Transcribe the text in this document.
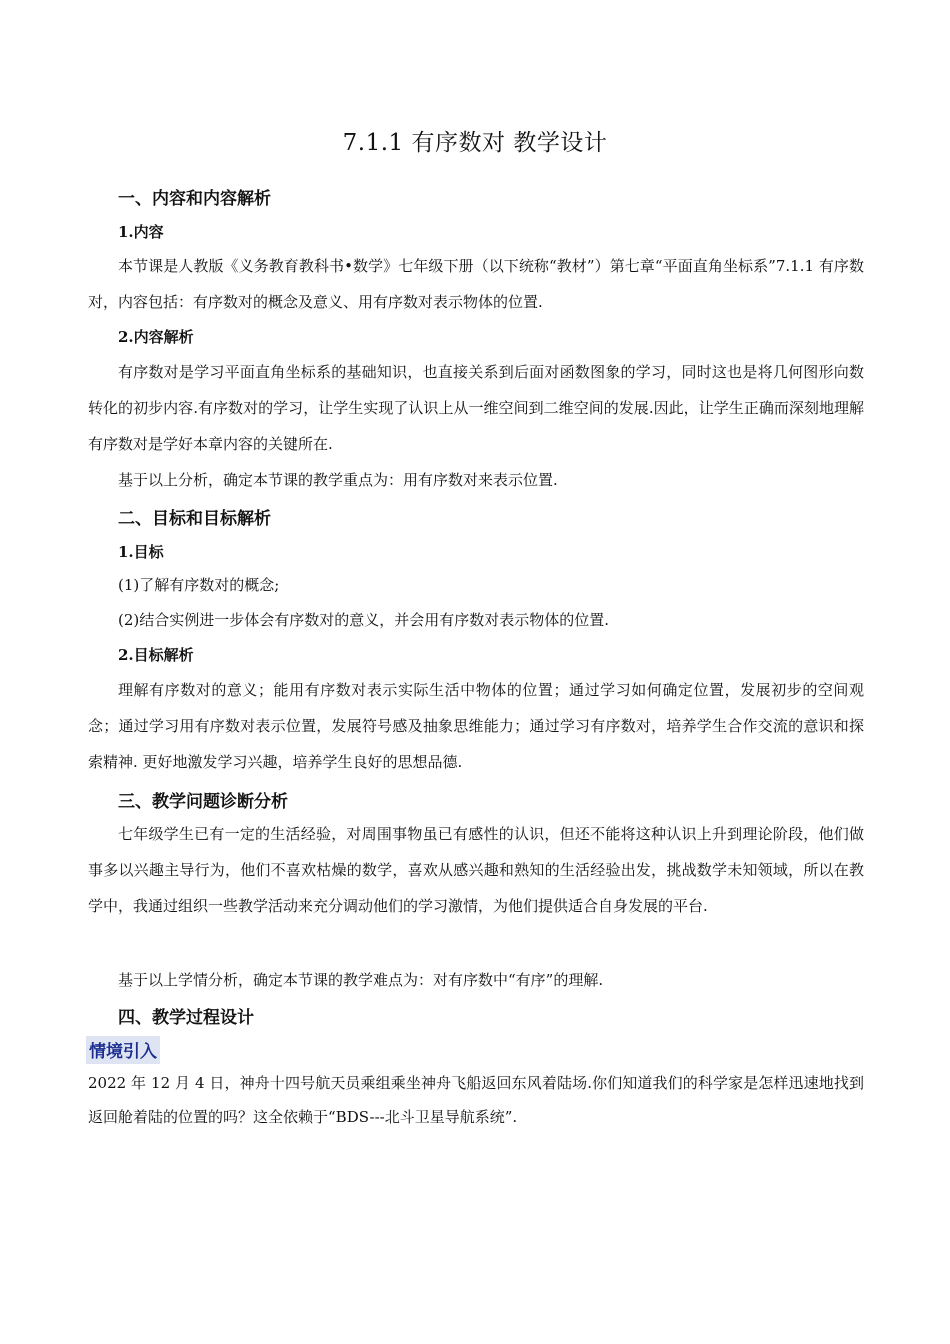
7.1.1 有序数对 教学设计
一、内容和内容解析
1.内容
本节课是人教版《义务教育教科书•数学》七年级下册（以下统称“教材”）第七章“平面直角坐标系”7.1.1 有序数对，内容包括：有序数对的概念及意义、用有序数对表示物体的位置.
2.内容解析
有序数对是学习平面直角坐标系的基础知识，也直接关系到后面对函数图象的学习，同时这也是将几何图形向数转化的初步内容.有序数对的学习，让学生实现了认识上从一维空间到二维空间的发展.因此，让学生正确而深刻地理解有序数对是学好本章内容的关键所在.
基于以上分析，确定本节课的教学重点为：用有序数对来表示位置.
二、目标和目标解析
1.目标
(1)了解有序数对的概念;
(2)结合实例进一步体会有序数对的意义，并会用有序数对表示物体的位置.
2.目标解析
理解有序数对的意义；能用有序数对表示实际生活中物体的位置；通过学习如何确定位置，发展初步的空间观念；通过学习用有序数对表示位置，发展符号感及抽象思维能力；通过学习有序数对，培养学生合作交流的意识和探索精神. 更好地激发学习兴趣，培养学生良好的思想品德.
三、教学问题诊断分析
七年级学生已有一定的生活经验，对周围事物虽已有感性的认识，但还不能将这种认识上升到理论阶段，他们做事多以兴趣主导行为，他们不喜欢枯燥的数学，喜欢从感兴趣和熟知的生活经验出发，挑战数学未知领域，所以在教学中，我通过组织一些教学活动来充分调动他们的学习激情，为他们提供适合自身发展的平台.
基于以上学情分析，确定本节课的教学难点为：对有序数中“有序”的理解.
四、教学过程设计
情境引入
2022 年 12 月 4 日，神舟十四号航天员乘组乘坐神舟飞船返回东风着陆场.你们知道我们的科学家是怎样迅速地找到返回舱着陆的位置的吗？这全依赖于“BDS---北斗卫星导航系统”.
